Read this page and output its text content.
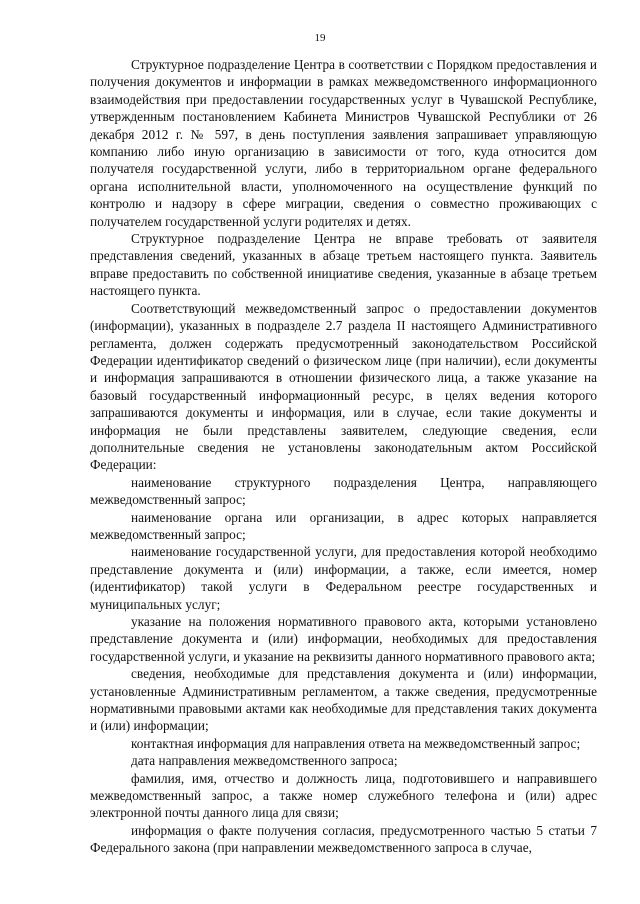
19

Структурное подразделение Центра в соответствии с Порядком предоставления и получения документов и информации в рамках межведомственного информационного взаимодействия при предоставлении государственных услуг в Чувашской Республике, утвержденным постановлением Кабинета Министров Чувашской Республики от 26 декабря 2012 г. № 597, в день поступления заявления запрашивает управляющую компанию либо иную организацию в зависимости от того, куда относится дом получателя государственной услуги, либо в территориальном органе федерального органа исполнительной власти, уполномоченного на осуществление функций по контролю и надзору в сфере миграции, сведения о совместно проживающих с получателем государственной услуги родителях и детях.

Структурное подразделение Центра не вправе требовать от заявителя представления сведений, указанных в абзаце третьем настоящего пункта. Заявитель вправе предоставить по собственной инициативе сведения, указанные в абзаце третьем настоящего пункта.

Соответствующий межведомственный запрос о предоставлении документов (информации), указанных в подразделе 2.7 раздела II настоящего Административного регламента, должен содержать предусмотренный законодательством Российской Федерации идентификатор сведений о физическом лице (при наличии), если документы и информация запрашиваются в отношении физического лица, а также указание на базовый государственный информационный ресурс, в целях ведения которого запрашиваются документы и информация, или в случае, если такие документы и информация не были представлены заявителем, следующие сведения, если дополнительные сведения не установлены законодательным актом Российской Федерации:

наименование структурного подразделения Центра, направляющего межведомственный запрос;

наименование органа или организации, в адрес которых направляется межведомственный запрос;

наименование государственной услуги, для предоставления которой необходимо представление документа и (или) информации, а также, если имеется, номер (идентификатор) такой услуги в Федеральном реестре государственных и муниципальных услуг;

указание на положения нормативного правового акта, которыми установлено представление документа и (или) информации, необходимых для предоставления государственной услуги, и указание на реквизиты данного нормативного правового акта;

сведения, необходимые для представления документа и (или) информации, установленные Административным регламентом, а также сведения, предусмотренные нормативными правовыми актами как необходимые для представления таких документа и (или) информации;

контактная информация для направления ответа на межведомственный запрос;

дата направления межведомственного запроса;

фамилия, имя, отчество и должность лица, подготовившего и направившего межведомственный запрос, а также номер служебного телефона и (или) адрес электронной почты данного лица для связи;

информация о факте получения согласия, предусмотренного частью 5 статьи 7 Федерального закона (при направлении межведомственного запроса в случае,
